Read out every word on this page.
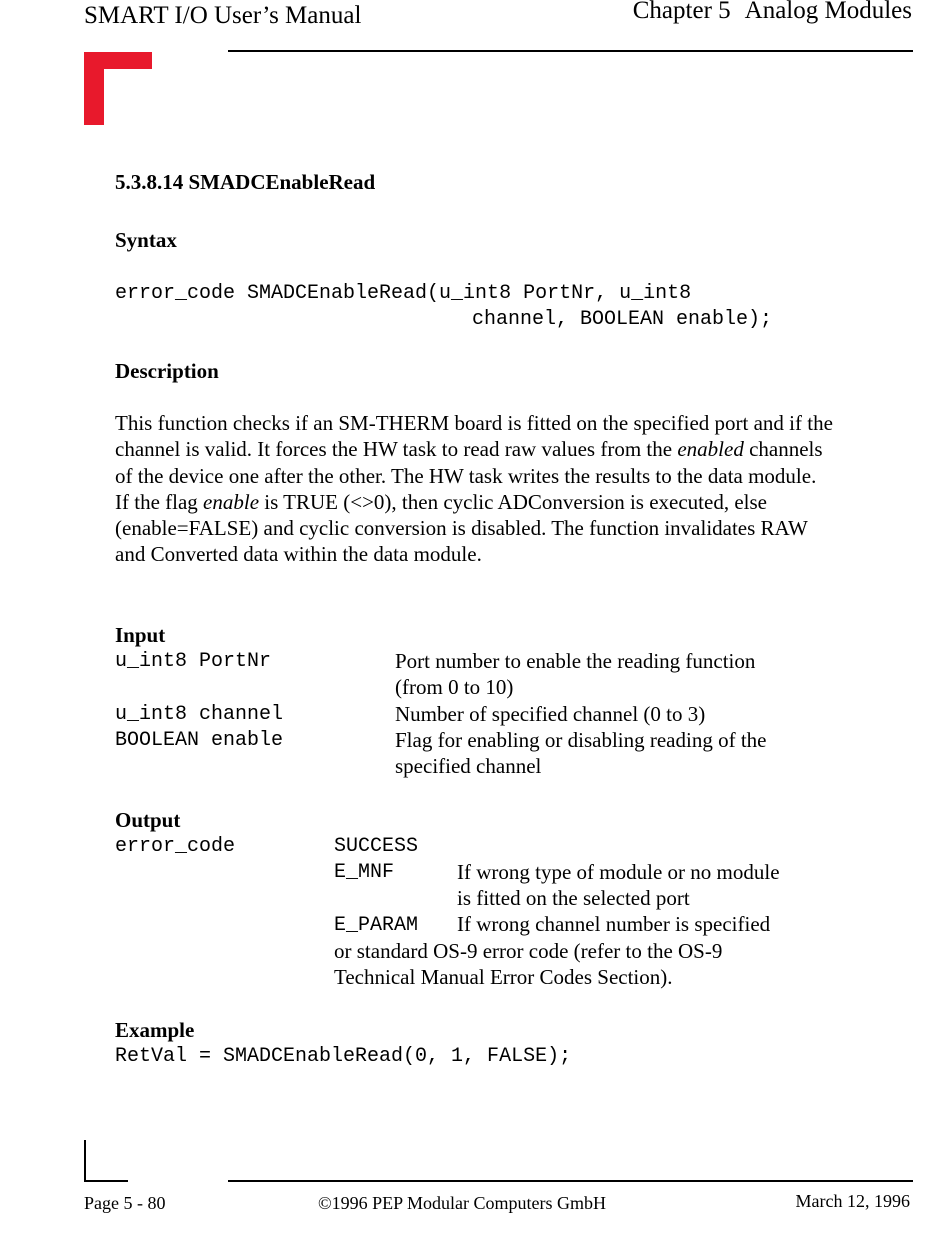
SMART I/O User’s Manual	Chapter 5 Analog Modules
5.3.8.14 SMADCEnableRead
Syntax
error_code SMADCEnableRead(u_int8 PortNr, u_int8
channel, BOOLEAN enable);
Description

This function checks if an SM-THERM board is fitted on the specified port and if the channel is valid. It forces the HW task to read raw values from the enabled channels of the device one after the other. The HW task writes the results to the data module. If the flag enable is TRUE (<>0), then cyclic ADConversion is executed, else (enable=FALSE) and cyclic conversion is disabled. The function invalidates RAW and Converted data within the data module.

Input
u_int8 PortNr	Port number to enable the reading function
(from 0 to 10)
u_int8 channel	Number of specified channel (0 to 3)
BOOLEAN enable	Flag for enabling or disabling reading of the
specified channel
Output
error_code	SUCCESS
E_MNF	If wrong type of module or no module
is fitted on the selected port
E_PARAM If wrong channel number is specified
or standard OS-9 error code (refer to the OS-9
Technical Manual Error Codes Section).
Example
RetVal = SMADCEnableRead(0, 1, FALSE);
Page 5 - 80	©1996 PEP Modular Computers GmbH	March 12, 1996
